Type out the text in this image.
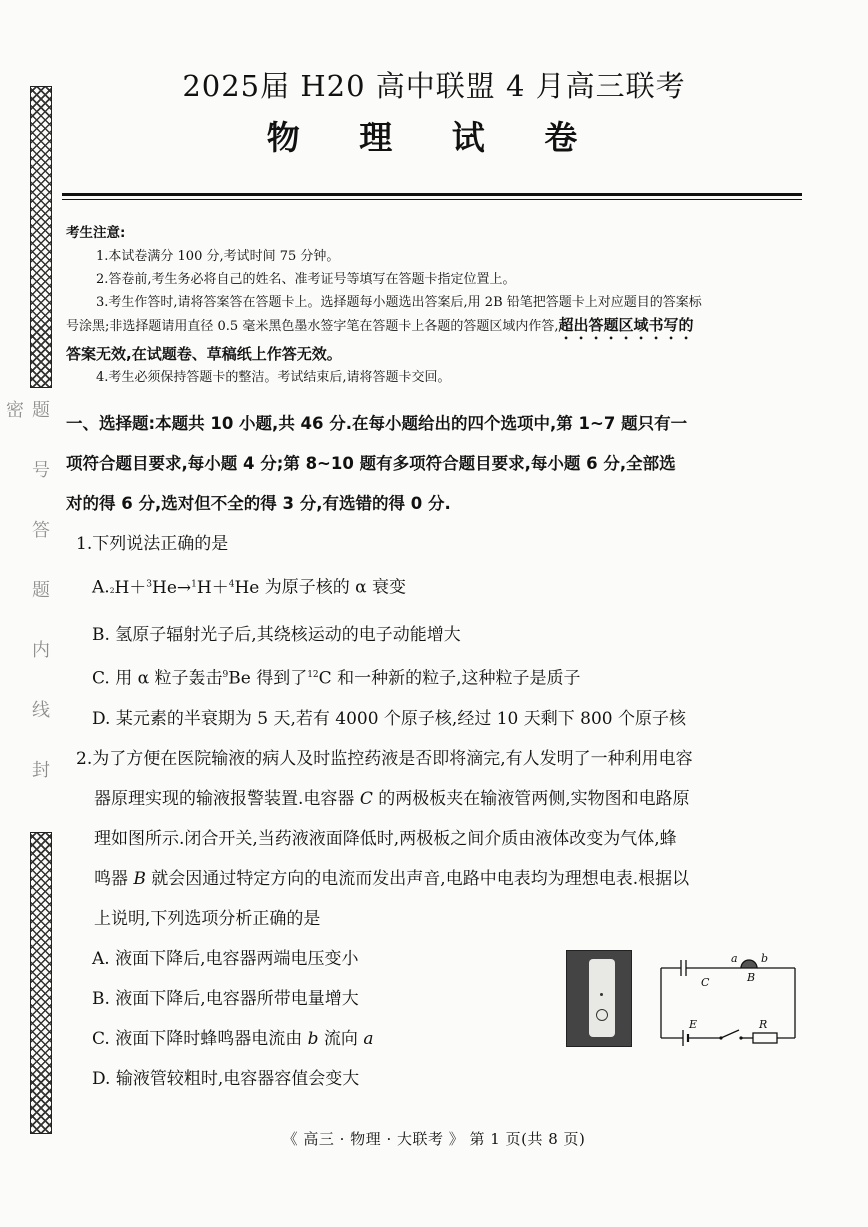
题号答题内线封密
2025届 H20 高中联盟 4 月高三联考
物 理 试 卷

考生注意:

1.本试卷满分 100 分,考试时间 75 分钟。

2.答卷前,考生务必将自己的姓名、准考证号等填写在答题卡指定位置上。

3.考生作答时,请将答案答在答题卡上。选择题每小题选出答案后,用 2B 铅笔把答题卡上对应题目的答案标

号涂黑;非选择题请用直径 0.5 毫米黑色墨水签字笔在答题卡上各题的答题区域内作答,超出答题区域书写的

答案无效,在试题卷、草稿纸上作答无效。

4.考生必须保持答题卡的整洁。考试结束后,请将答题卡交回。

一、选择题:本题共 10 小题,共 46 分.在每小题给出的四个选项中,第 1~7 题只有一

项符合题目要求,每小题 4 分;第 8~10 题有多项符合题目要求,每小题 6 分,全部选

对的得 6 分,选对但不全的得 3 分,有选错的得 0 分.

1.下列说法正确的是

$A._{^2}H+^3He\to^1H+^4He$ 为原子核的 α 衰变

B. 氢原子辐射光子后,其绕核运动的电子动能增大

C. 用 α 粒子轰击$^9$Be 得到了$^{12}$C 和一种新的粒子,这种粒子是质子

D. 某元素的半衰期为 5 天,若有 4000 个原子核,经过 10 天剩下 800 个原子核

2.为了方便在医院输液的病人及时监控药液是否即将滴完,有人发明了一种利用电容

器原理实现的输液报警装置.电容器 C 的两极板夹在输液管两侧,实物图和电路原

理如图所示.闭合开关,当药液液面降低时,两极板之间介质由液体改变为气体,蜂

鸣器 B 就会因通过特定方向的电流而发出声音,电路中电表均为理想电表.根据以

上说明,下列选项分析正确的是

A. 液面下降后,电容器两端电压变小

B. 液面下降后,电容器所带电量增大

C. 液面下降时蜂鸣器电流由 b 流向 a

D. 输液管较粗时,电容器容值会变大

a b
B
C
E	R
《 高三 · 物理 · 大联考 》 第 1 页(共 8 页)
